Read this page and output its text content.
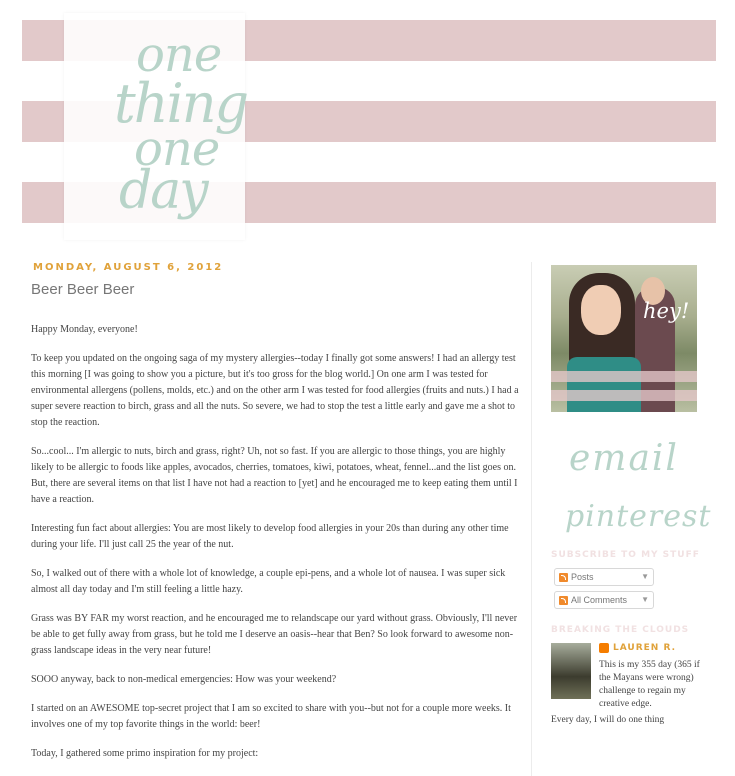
one
thing
one
day
MONDAY, AUGUST 6, 2012
Beer Beer Beer

Happy Monday, everyone!

To keep you updated on the ongoing saga of my mystery allergies--today I finally got some answers! I had an allergy test this morning [I was going to show you a picture, but it's too gross for the blog world.] On one arm I was tested for environmental allergens (pollens, molds, etc.) and on the other arm I was tested for food allergies (fruits and nuts.) I had a super severe reaction to birch, grass and all the nuts. So severe, we had to stop the test a little early and gave me a shot to stop the reaction.

So...cool... I'm allergic to nuts, birch and grass, right? Uh, not so fast. If you are allergic to those things, you are highly likely to be allergic to foods like apples, avocados, cherries, tomatoes, kiwi, potatoes, wheat, fennel...and the list goes on. But, there are several items on that list I have not had a reaction to [yet] and he encouraged me to keep eating them until I have a reaction.

Interesting fun fact about allergies: You are most likely to develop food allergies in your 20s than during any other time during your life. I'll just call 25 the year of the nut.

So, I walked out of there with a whole lot of knowledge, a couple epi-pens, and a whole lot of nausea. I was super sick almost all day today and I'm still feeling a little hazy.

Grass was BY FAR my worst reaction, and he encouraged me to relandscape our yard without grass. Obviously, I'll never be able to get fully away from grass, but he told me I deserve an oasis--hear that Ben? So look forward to awesome non-grass landscape ideas in the very near future!

SOOO anyway, back to non-medical emergencies: How was your weekend?

I started on an AWESOME top-secret project that I am so excited to share with you--but not for a couple more weeks. It involves one of my top favorite things in the world: beer!

Today, I gathered some primo inspiration for my project:

hey!
email
pinterest
SUBSCRIBE TO MY STUFF
Posts	▼
All Comments ▼
BREAKING THE CLOUDS
LAUREN R.

This is my 355 day (365 if the Mayans were wrong) challenge to regain my creative edge.

Every day, I will do one thing
